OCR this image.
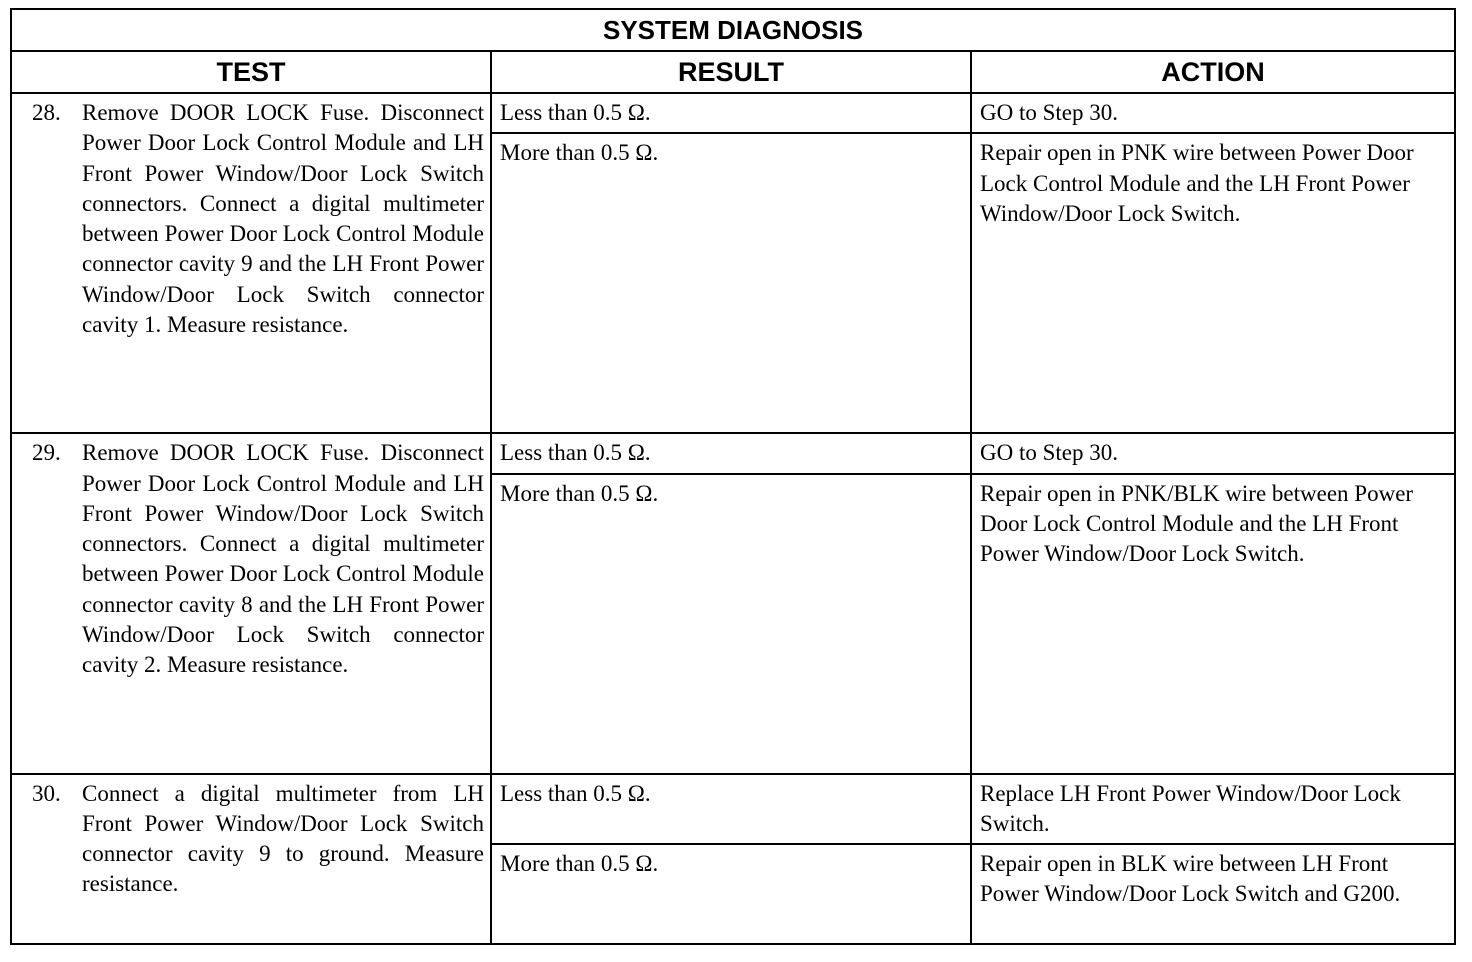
SYSTEM DIAGNOSIS		
TEST	RESULT	ACTION

28. Remove DOOR LOCK Fuse. Disconnect Power Door Lock Control Module and LH Front Power Window/Door Lock Switch connectors. Connect a digital multimeter between Power Door Lock Control Module connector cavity 9 and the LH Front Power Window/Door Lock Switch connector cavity 1. Measure resistance.	Less than 0.5 Ω.	GO to Step 30.
	More than 0.5 Ω.	Repair open in PNK wire between Power Door Lock Control Module and the LH Front Power Window/Door Lock Switch.

29. Remove DOOR LOCK Fuse. Disconnect Power Door Lock Control Module and LH Front Power Window/Door Lock Switch connectors. Connect a digital multimeter between Power Door Lock Control Module connector cavity 8 and the LH Front Power Window/Door Lock Switch connector cavity 2. Measure resistance.	Less than 0.5 Ω.	GO to Step 30.
	More than 0.5 Ω.	Repair open in PNK/BLK wire between Power Door Lock Control Module and the LH Front Power Window/Door Lock Switch.

30. Connect a digital multimeter from LH Front Power Window/Door Lock Switch connector cavity 9 to ground. Measure resistance.	Less than 0.5 Ω.	Replace LH Front Power Window/Door Lock Switch.
	More than 0.5 Ω.	Repair open in BLK wire between LH Front Power Window/Door Lock Switch and G200.
